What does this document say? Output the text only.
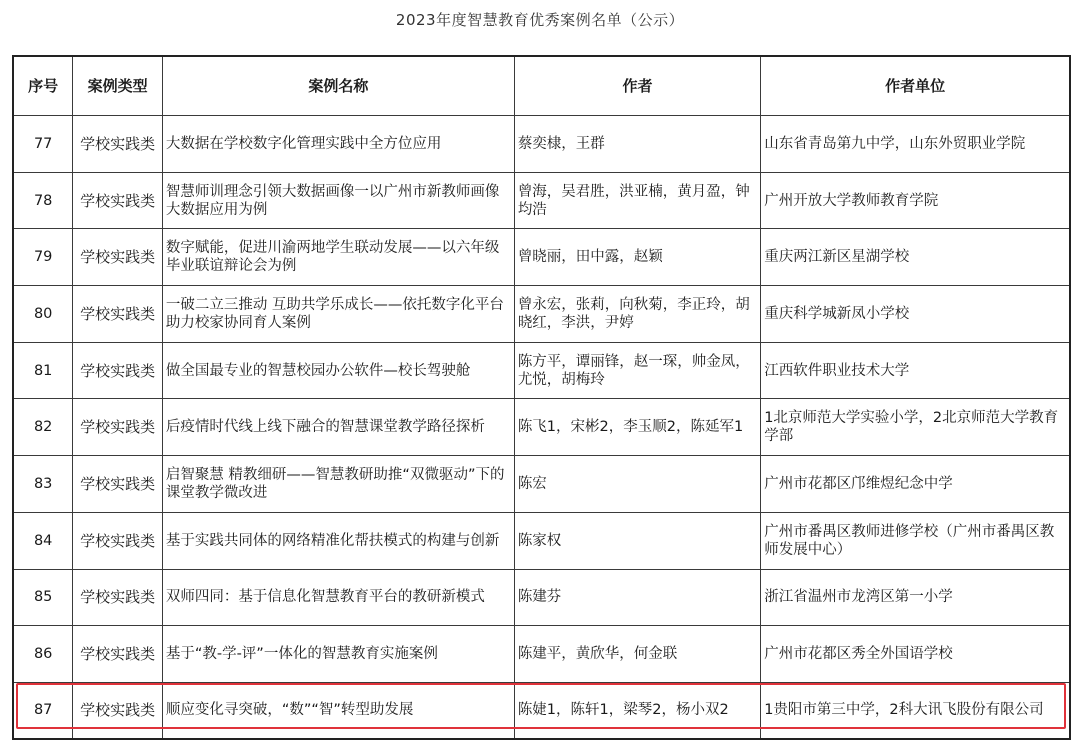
2023年度智慧教育优秀案例名单（公示）
序号	案例类型	案例名称	作者	作者单位
77	学校实践类	大数据在学校数字化管理实践中全方位应用	蔡奕棣，王群	山东省青岛第九中学，山东外贸职业学院
78	学校实践类	智慧师训理念引领大数据画像一以广州市新教师画像大数据应用为例	曾海，吴君胜，洪亚楠，黄月盈，钟均浩	广州开放大学教师教育学院
79	学校实践类	数字赋能，促进川渝两地学生联动发展——以六年级毕业联谊辩论会为例	曾晓丽，田中露，赵颖	重庆两江新区星湖学校
80	学校实践类	一破二立三推动 互助共学乐成长——依托数字化平台助力校家协同育人案例	曾永宏，张莉，向秋菊，李正玲，胡晓红，李洪，尹婷	重庆科学城新凤小学校
81	学校实践类	做全国最专业的智慧校园办公软件—校长驾驶舱	陈方平，谭丽锋，赵一琛，帅金凤，尤悦，胡梅玲	江西软件职业技术大学
82	学校实践类	后疫情时代线上线下融合的智慧课堂教学路径探析	陈飞1，宋彬2，李玉顺2，陈延军1	1北京师范大学实验小学，2北京师范大学教育学部
83	学校实践类	启智聚慧 精教细研——智慧教研助推“双微驱动”下的课堂教学微改进	陈宏	广州市花都区邝维煜纪念中学
84	学校实践类	基于实践共同体的网络精准化帮扶模式的构建与创新	陈家权	广州市番禺区教师进修学校（广州市番禺区教师发展中心）
85	学校实践类	双师四同：基于信息化智慧教育平台的教研新模式	陈建芬	浙江省温州市龙湾区第一小学
86	学校实践类	基于“教-学-评”一体化的智慧教育实施案例	陈建平，黄欣华，何金联	广州市花都区秀全外国语学校
87	学校实践类	顺应变化寻突破，“数”“智”转型助发展	陈婕1，陈轩1，梁琴2，杨小双2	1贵阳市第三中学，2科大讯飞股份有限公司
